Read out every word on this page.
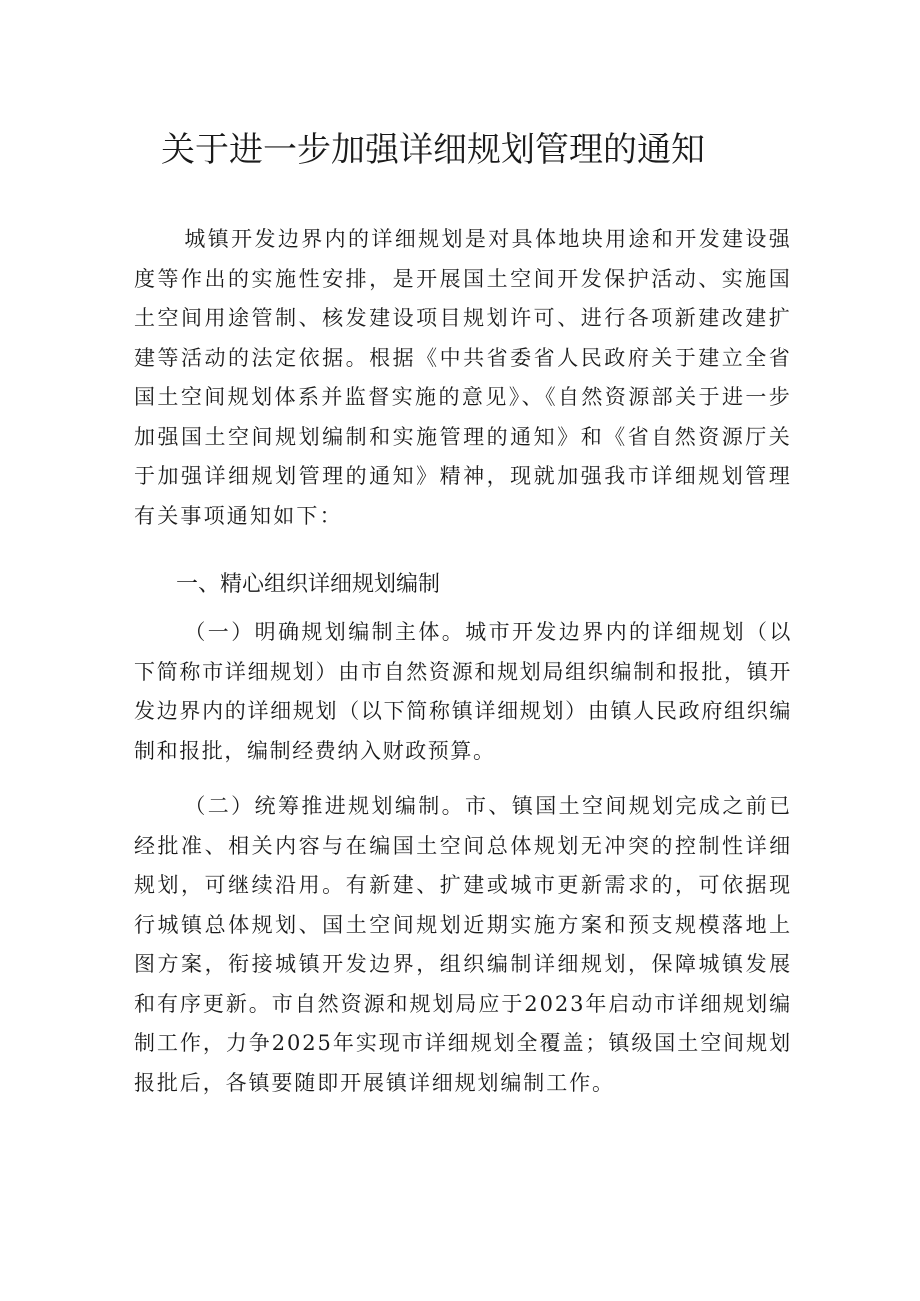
关于进一步加强详细规划管理的通知

城镇开发边界内的详细规划是对具体地块用途和开发建设强度等作出的实施性安排，是开展国土空间开发保护活动、实施国土空间用途管制、核发建设项目规划许可、进行各项新建改建扩建等活动的法定依据。根据《中共省委省人民政府关于建立全省国土空间规划体系并监督实施的意见》、《自然资源部关于进一步加强国土空间规划编制和实施管理的通知》和《省自然资源厅关于加强详细规划管理的通知》精神，现就加强我市详细规划管理有关事项通知如下：

一、精心组织详细规划编制

（一）明确规划编制主体。城市开发边界内的详细规划（以下简称市详细规划）由市自然资源和规划局组织编制和报批，镇开发边界内的详细规划（以下简称镇详细规划）由镇人民政府组织编制和报批，编制经费纳入财政预算。

（二）统筹推进规划编制。市、镇国土空间规划完成之前已经批准、相关内容与在编国土空间总体规划无冲突的控制性详细规划，可继续沿用。有新建、扩建或城市更新需求的，可依据现行城镇总体规划、国土空间规划近期实施方案和预支规模落地上图方案，衔接城镇开发边界，组织编制详细规划，保障城镇发展和有序更新。市自然资源和规划局应于2023年启动市详细规划编制工作，力争2025年实现市详细规划全覆盖；镇级国土空间规划报批后，各镇要随即开展镇详细规划编制工作。
